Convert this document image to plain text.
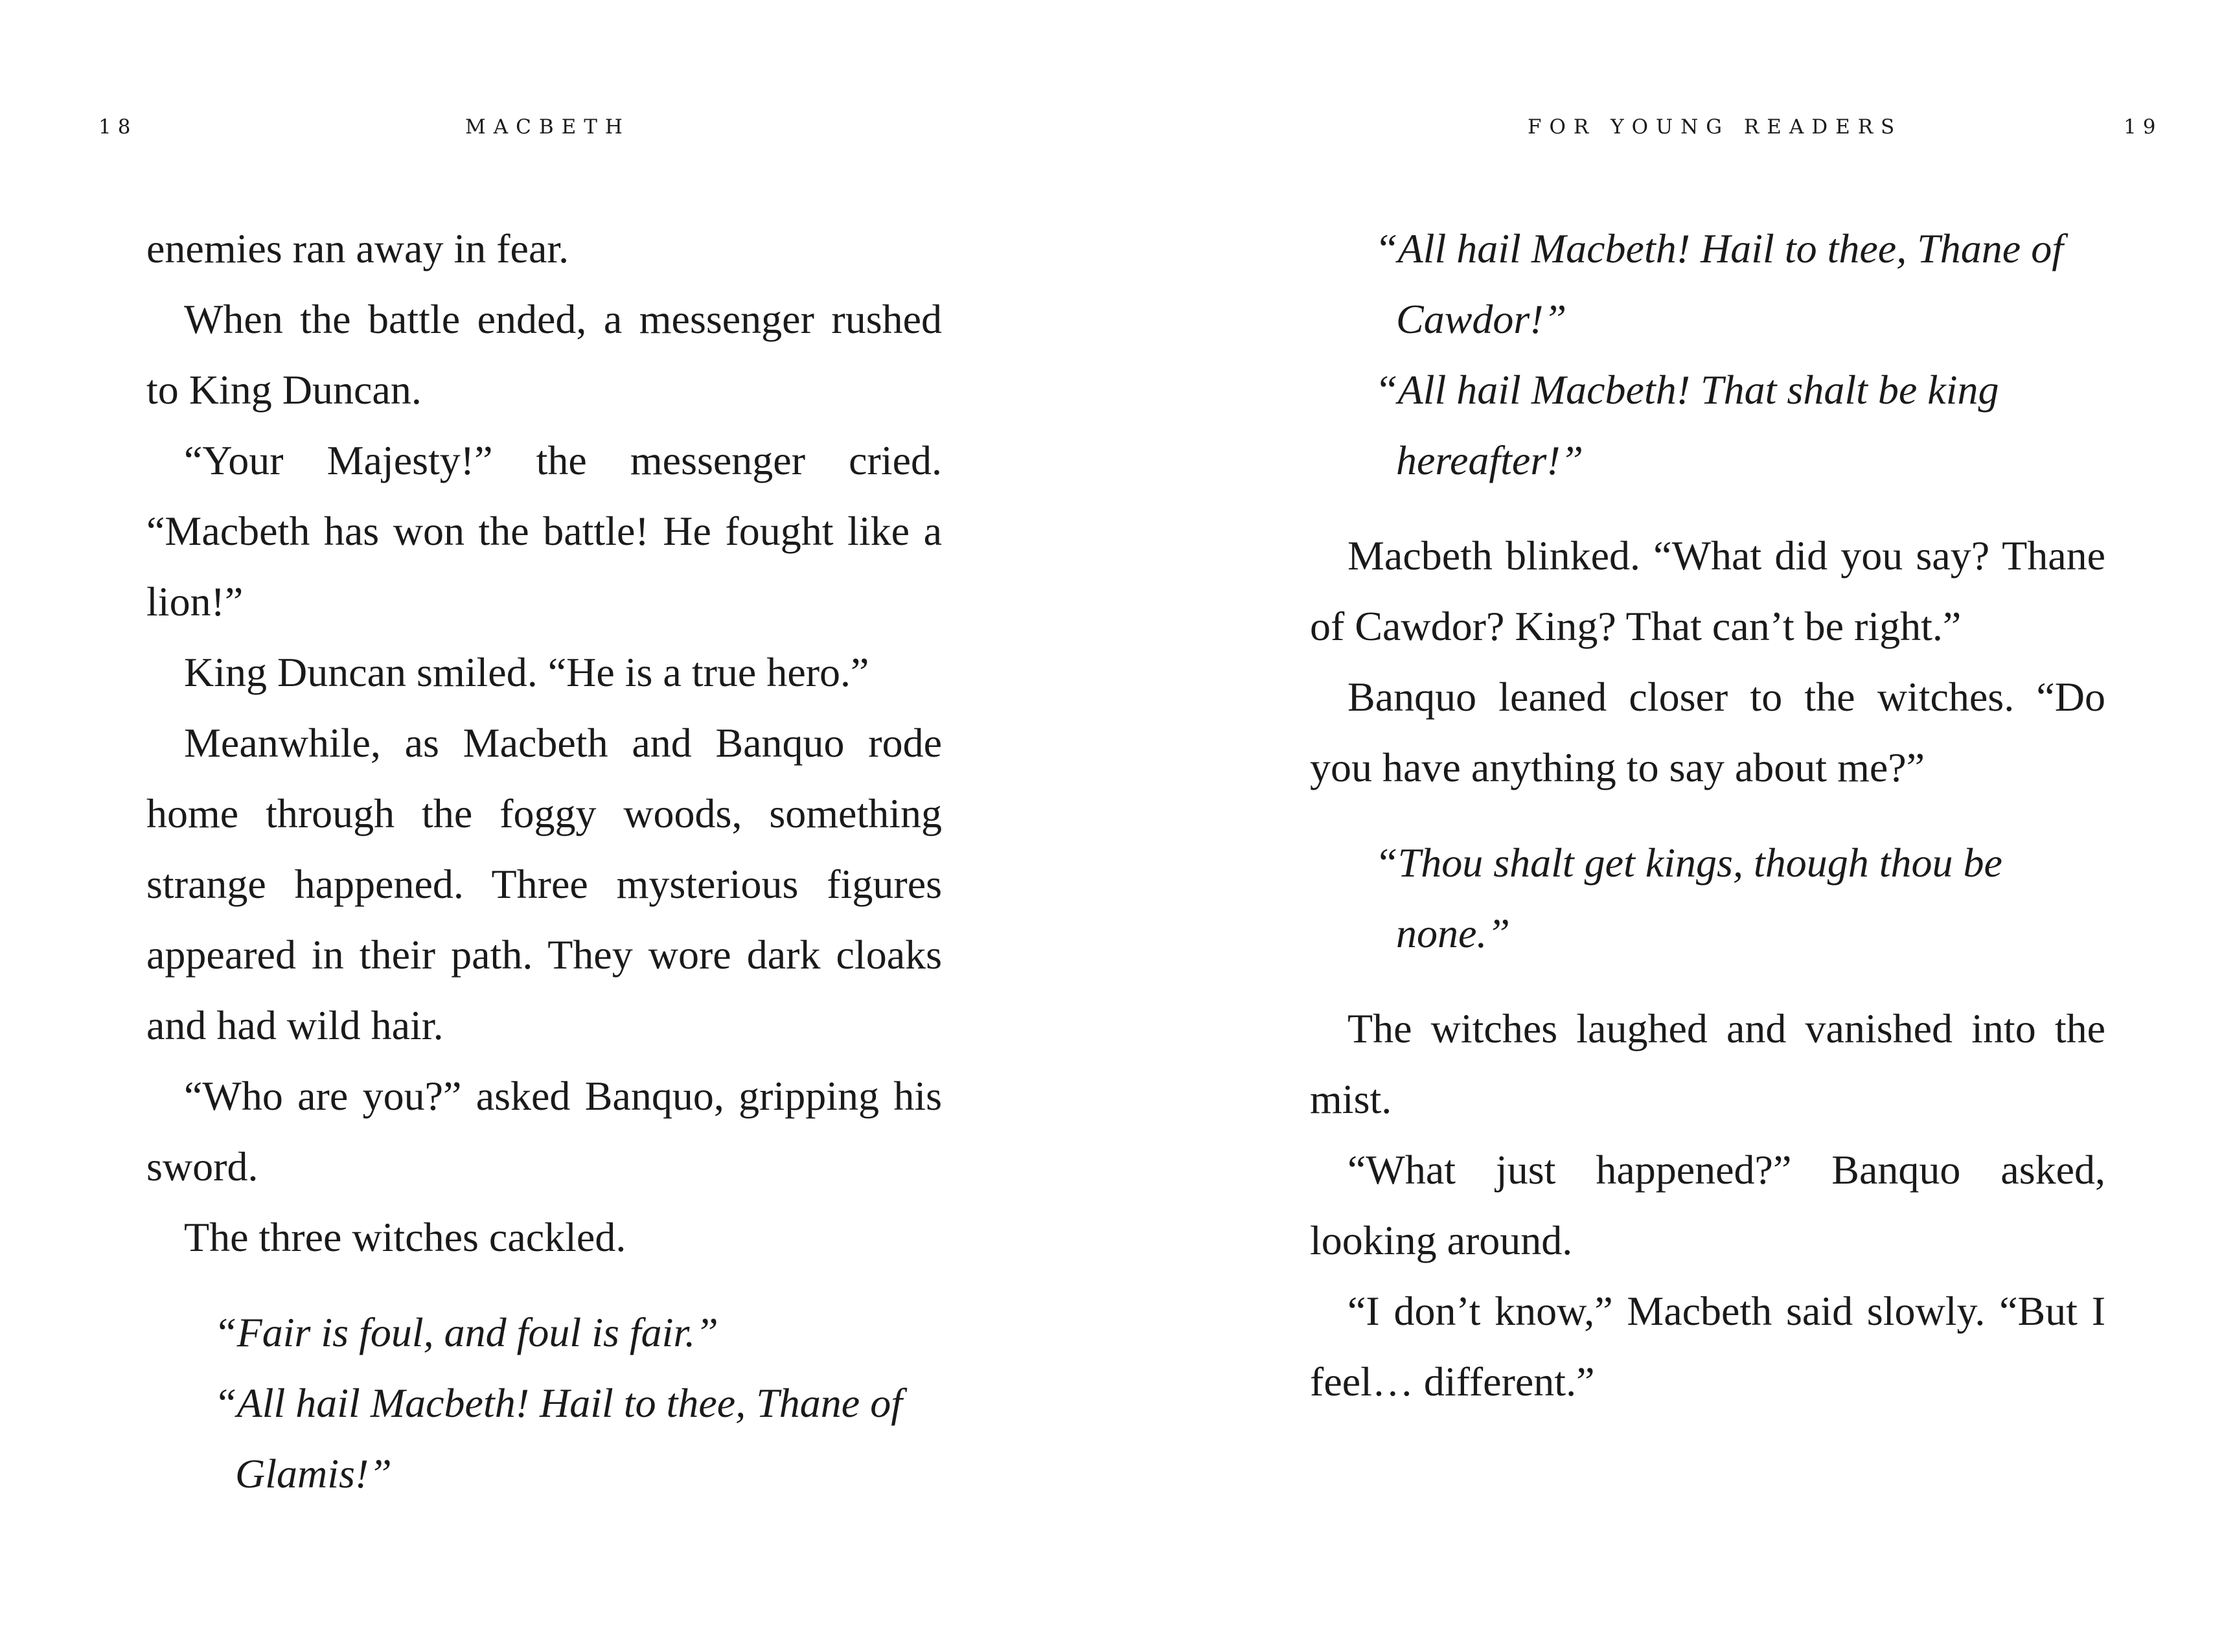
18	MACBETH

enemies ran away in fear.

When the battle ended, a messenger rushed to King Duncan.

“Your Majesty!” the messenger cried. “Macbeth has won the battle! He fought like a lion!”

King Duncan smiled. “He is a true hero.”

Meanwhile, as Macbeth and Banquo rode home through the foggy woods, something strange happened. Three mysterious figures appeared in their path. They wore dark cloaks and had wild hair.

“Who are you?” asked Banquo, gripping his sword.

The three witches cackled.

“Fair is foul, and foul is fair.”

“All hail Macbeth! Hail to thee, Thane of Glamis!”

FOR YOUNG READERS	19

“All hail Macbeth! Hail to thee, Thane of Cawdor!”

“All hail Macbeth! That shalt be king hereafter!”

Macbeth blinked. “What did you say? Thane of Cawdor? King? That can’t be right.”

Banquo leaned closer to the witches. “Do you have anything to say about me?”

“Thou shalt get kings, though thou be none.”

The witches laughed and vanished into the mist.

“What just happened?” Banquo asked, looking around.

“I don’t know,” Macbeth said slowly. “But I feel… different.”
